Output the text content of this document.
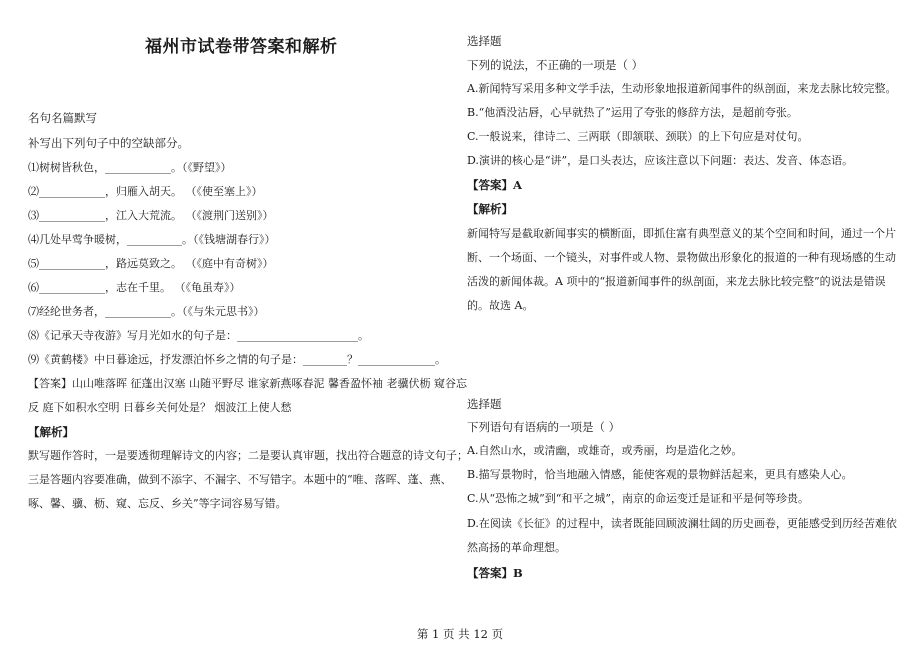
福州市试卷带答案和解析
名句名篇默写
补写出下列句子中的空缺部分。
⑴树树皆秋色，____________。（《野望》）
⑵____________，归雁入胡天。 （《使至塞上》）
⑶____________，江入大荒流。 （《渡荆门送别》）
⑷几处早莺争暖树，__________。（《钱塘湖春行》）
⑸____________，路远莫致之。 （《庭中有奇树》）
⑹____________，志在千里。 （《龟虽寿》）
⑺经纶世务者，____________。（《与朱元思书》）
⑻《记承天寺夜游》写月光如水的句子是：______________________。
⑼《黄鹤楼》中日暮途远，抒发漂泊怀乡之情的句子是：________？______________。
【答案】山山唯落晖 征蓬出汉塞 山随平野尽 谁家新燕啄春泥 馨香盈怀袖 老骥伏枥 窥谷忘
反 庭下如积水空明 日暮乡关何处是？ 烟波江上使人愁
【解析】
默写题作答时，一是要透彻理解诗文的内容；二是要认真审题，找出符合题意的诗文句子；
三是答题内容要准确，做到不添字、不漏字、不写错字。本题中的“唯、落晖、蓬、燕、
啄、馨、骥、枥、窥、忘反、乡关”等字词容易写错。
选择题
下列的说法，不正确的一项是（ ）
A.新闻特写采用多种文学手法，生动形象地报道新闻事件的纵剖面，来龙去脉比较完整。
B.“他酒没沾唇，心早就热了”运用了夸张的修辞方法，是超前夸张。
C.一般说来，律诗二、三两联（即颔联、颈联）的上下句应是对仗句。
D.演讲的核心是“讲”，是口头表达，应该注意以下问题：表达、发音、体态语。
【答案】A
【解析】
新闻特写是截取新闻事实的横断面，即抓住富有典型意义的某个空间和时间，通过一个片
断、一个场面、一个镜头，对事件或人物、景物做出形象化的报道的一种有现场感的生动
活泼的新闻体裁。A 项中的“报道新闻事件的纵剖面，来龙去脉比较完整”的说法是错误
的。故选 A。
选择题
下列语句有语病的一项是（ ）
A.自然山水，或清幽，或雄奇，或秀丽，均是造化之妙。
B.描写景物时，恰当地融入情感，能使客观的景物鲜活起来，更具有感染人心。
C.从“恐怖之城”到“和平之城”，南京的命运变迁是证和平是何等珍贵。
D.在阅读《长征》的过程中，读者既能回顾波澜壮阔的历史画卷，更能感受到历经苦难依
然高扬的革命理想。
【答案】B
第 1 页 共 12 页
